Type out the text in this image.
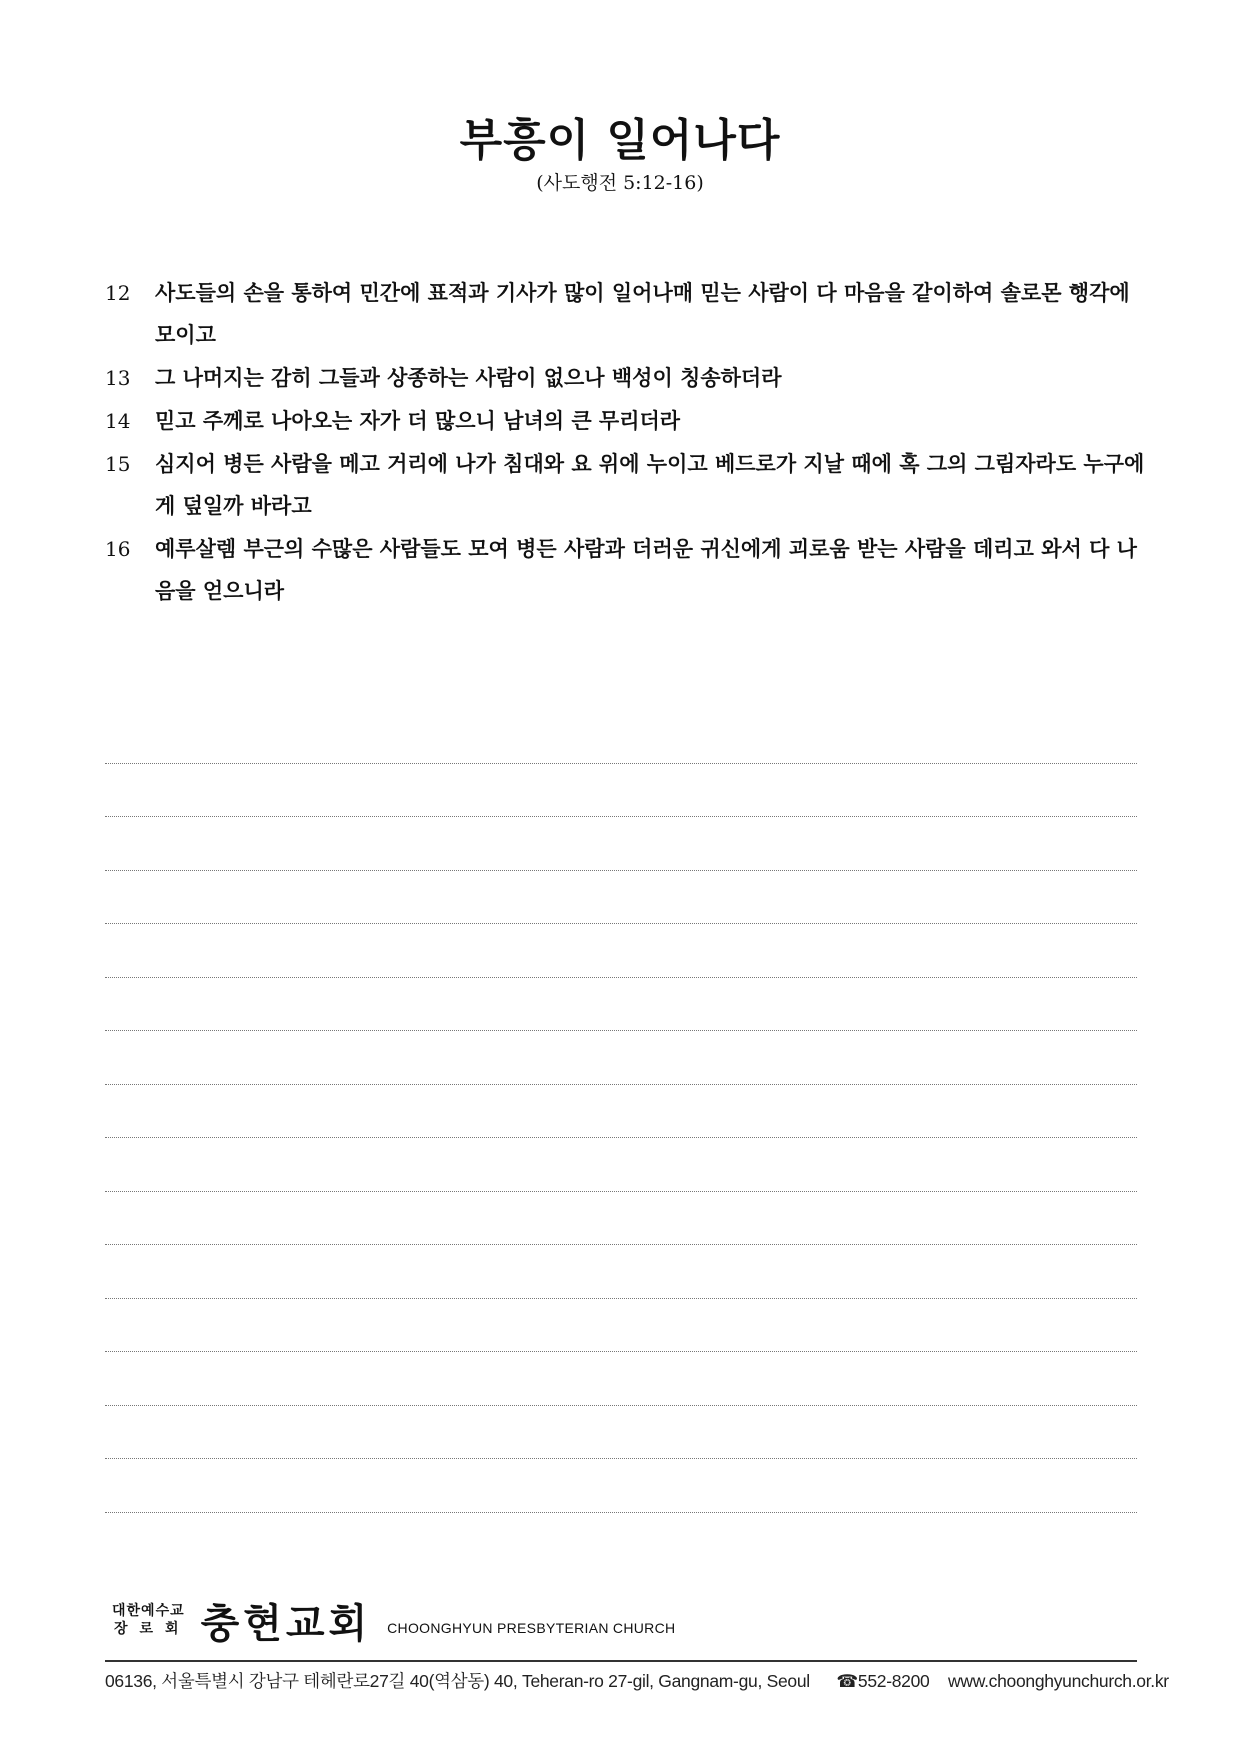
부흥이 일어나다
(사도행전 5:12-16)
12 사도들의 손을 통하여 민간에 표적과 기사가 많이 일어나매 믿는 사람이 다 마음을 같이하여 솔로몬 행각에 모이고
13 그 나머지는 감히 그들과 상종하는 사람이 없으나 백성이 칭송하더라
14 믿고 주께로 나아오는 자가 더 많으니 남녀의 큰 무리더라
15 심지어 병든 사람을 메고 거리에 나가 침대와 요 위에 누이고 베드로가 지날 때에 혹 그의 그림자라도 누구에게 덮일까 바라고
16 예루살렘 부근의 수많은 사람들도 모여 병든 사람과 더러운 귀신에게 괴로움 받는 사람을 데리고 와서 다 나음을 얻으니라
대한예수교
장로회 충현교회 CHOONGHYUN PRESBYTERIAN CHURCH
06136, 서울특별시 강남구 테헤란로27길 40(역삼동) 40, Teheran-ro 27-gil, Gangnam-gu, Seoul ☎552-8200 www.choonghyunchurch.or.kr
